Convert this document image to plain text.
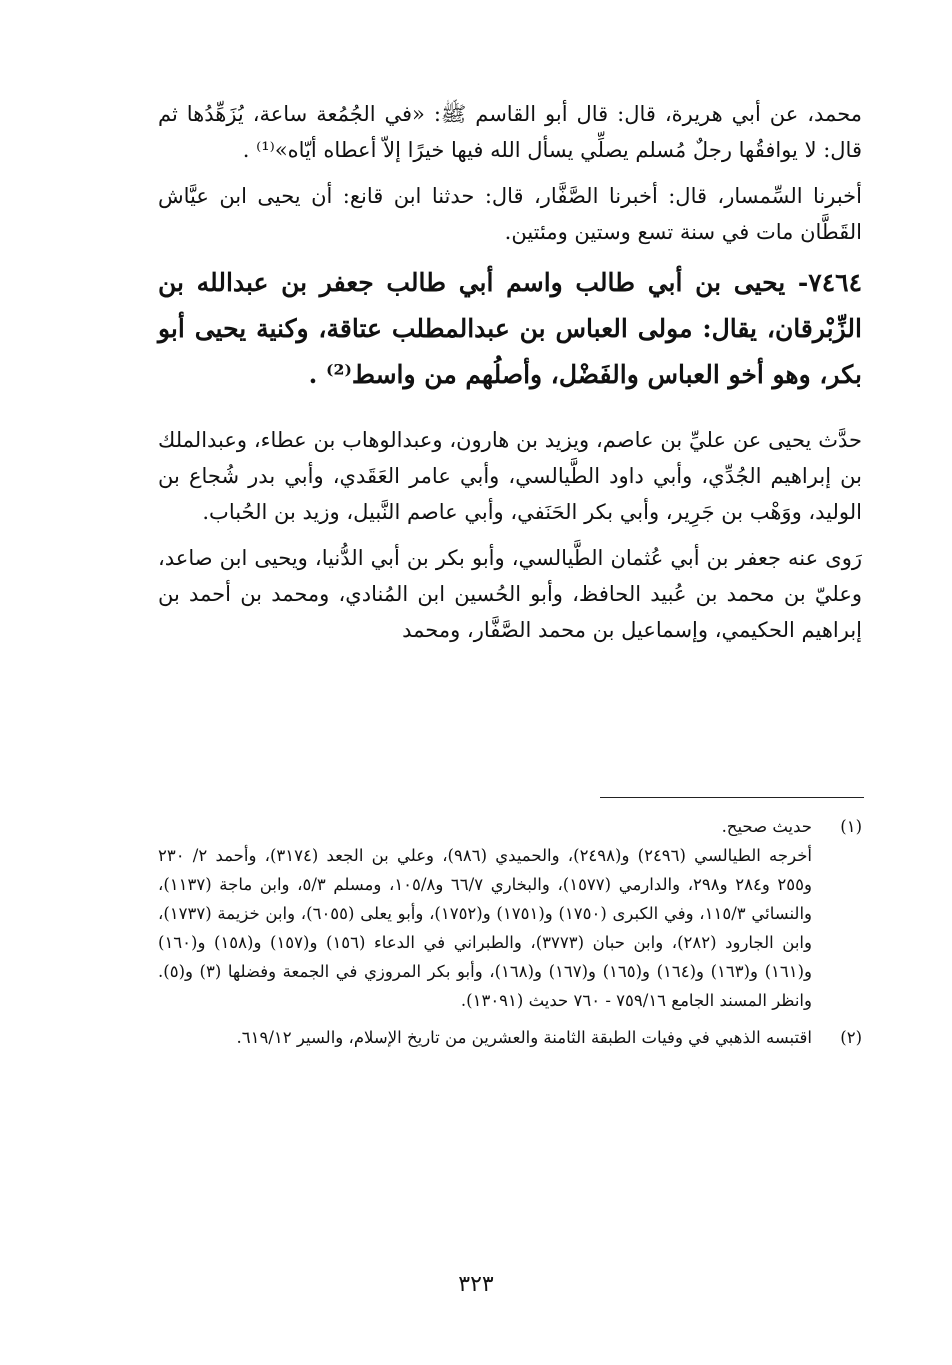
محمد، عن أبي هريرة، قال: قال أبو القاسم ﷺ: «في الجُمُعة ساعة، يُزَهِّدُها ثم قال: لا يوافقُها رجلٌ مُسلم يصلِّي يسأل الله فيها خيرًا إلاّ أعطاه أيّاه»⁽¹⁾ .

أخبرنا السِّمسار، قال: أخبرنا الصَّفَّار، قال: حدثنا ابن قانع: أن يحيى ابن عيَّاش القَطَّان مات في سنة تسع وستين ومئتين.

٧٤٦٤- يحيى بن أبي طالب واسم أبي طالب جعفر بن عبدالله بن الزِّبْرقان، يقال: مولى العباس بن عبدالمطلب عتاقة، وكنية يحيى أبو بكر، وهو أخو العباس والفَضْل، وأصلُهم من واسط⁽²⁾ .

حدَّث يحيى عن عليِّ بن عاصم، ويزيد بن هارون، وعبدالوهاب بن عطاء، وعبدالملك بن إبراهيم الجُدِّي، وأبي داود الطَّيالسي، وأبي عامر العَقَدي، وأبي بدر شُجاع بن الوليد، ووَهْب بن جَرِير، وأبي بكر الحَنَفي، وأبي عاصم النَّبيل، وزيد بن الحُباب.

رَوى عنه جعفر بن أبي عُثمان الطَّيالسي، وأبو بكر بن أبي الدُّنيا، ويحيى ابن صاعد، وعليّ بن محمد بن عُبيد الحافظ، وأبو الحُسين ابن المُنادي، ومحمد بن أحمد بن إبراهيم الحكيمي، وإسماعيل بن محمد الصَّفَّار، ومحمد

(١)

حديث صحيح.

أخرجه الطيالسي (٢٤٩٦) و(٢٤٩٨)، والحميدي (٩٨٦)، وعلي بن الجعد (٣١٧٤)، وأحمد ٢/ ٢٣٠ و٢٥٥ و٢٨٤ و٢٩٨، والدارمي (١٥٧٧)، والبخاري ٦٦/٧ و١٠٥/٨، ومسلم ٥/٣، وابن ماجة (١١٣٧)، والنسائي ١١٥/٣، وفي الكبرى (١٧٥٠) و(١٧٥١) و(١٧٥٢)، وأبو يعلى (٦٠٥٥)، وابن خزيمة (١٧٣٧)، وابن الجارود (٢٨٢)، وابن حبان (٣٧٧٣)، والطبراني في الدعاء (١٥٦) و(١٥٧) و(١٥٨) و(١٦٠) و(١٦١) و(١٦٣) و(١٦٤) و(١٦٥) و(١٦٧) و(١٦٨)، وأبو بكر المروزي في الجمعة وفضلها (٣) و(٥). وانظر المسند الجامع ٧٥٩/١٦ - ٧٦٠ حديث (١٣٠٩١).

(٢)

اقتبسه الذهبي في وفيات الطبقة الثامنة والعشرين من تاريخ الإسلام، والسير ٦١٩/١٢.

٣٢٣
